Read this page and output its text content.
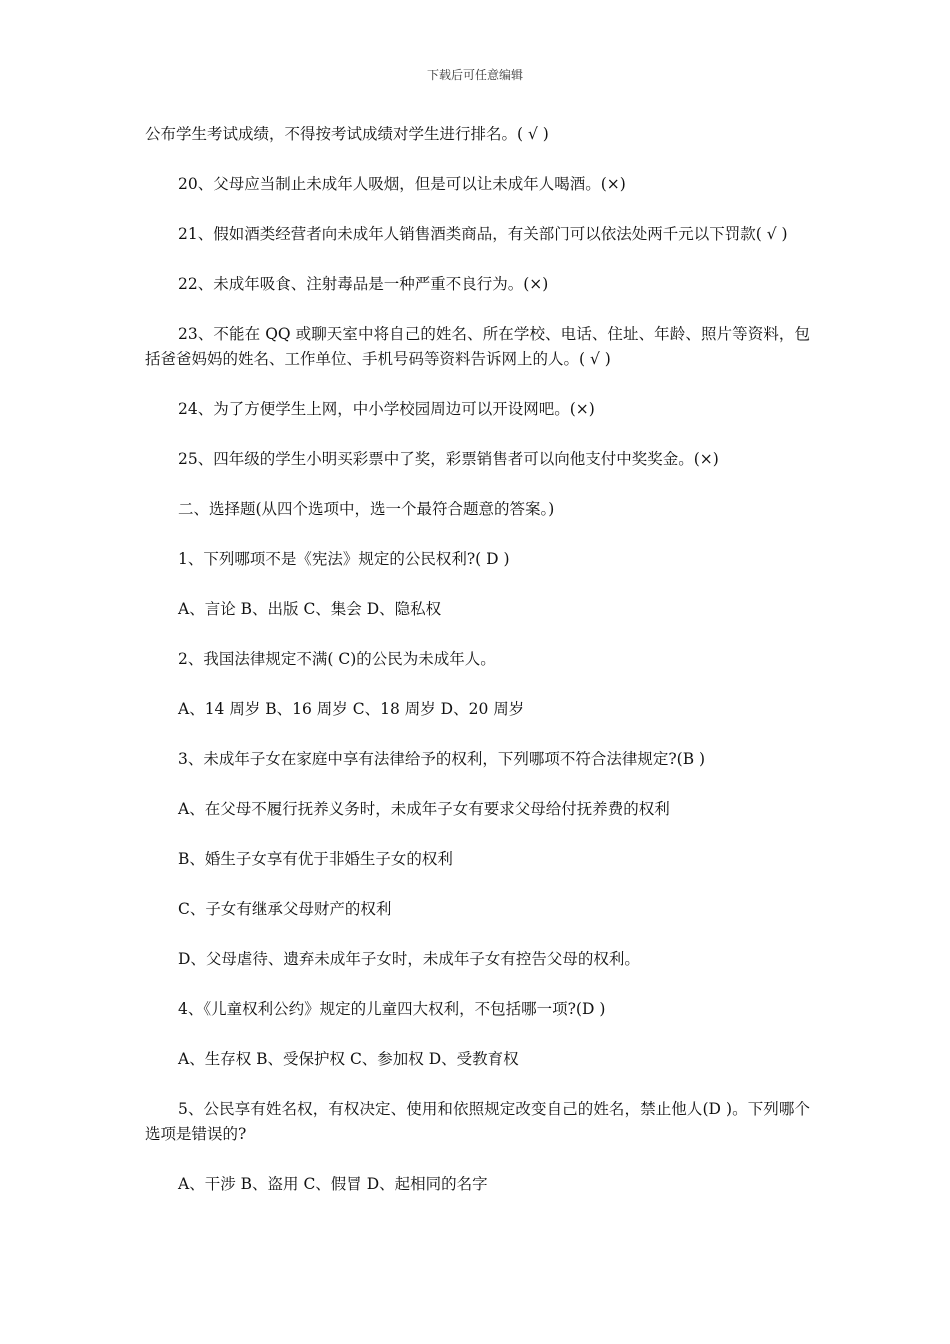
下载后可任意编辑

公布学生考试成绩，不得按考试成绩对学生进行排名。( √ )

20、父母应当制止未成年人吸烟，但是可以让未成年人喝酒。(×)

21、假如酒类经营者向未成年人销售酒类商品，有关部门可以依法处两千元以下罚款( √ )

22、未成年吸食、注射毒品是一种严重不良行为。(×)

23、不能在 QQ 或聊天室中将自己的姓名、所在学校、电话、住址、年龄、照片等资料，包括爸爸妈妈的姓名、工作单位、手机号码等资料告诉网上的人。( √ )

24、为了方便学生上网，中小学校园周边可以开设网吧。(×)

25、四年级的学生小明买彩票中了奖，彩票销售者可以向他支付中奖奖金。(×)

二、选择题(从四个选项中，选一个最符合题意的答案。)

1、下列哪项不是《宪法》规定的公民权利?( D )

A、言论 B、出版 C、集会 D、隐私权

2、我国法律规定不满( C)的公民为未成年人。

A、14 周岁 B、16 周岁 C、18 周岁 D、20 周岁

3、未成年子女在家庭中享有法律给予的权利，下列哪项不符合法律规定?(B )

A、在父母不履行抚养义务时，未成年子女有要求父母给付抚养费的权利

B、婚生子女享有优于非婚生子女的权利

C、子女有继承父母财产的权利

D、父母虐待、遗弃未成年子女时，未成年子女有控告父母的权利。

4、《儿童权利公约》规定的儿童四大权利，不包括哪一项?(D )

A、生存权 B、受保护权 C、参加权 D、受教育权

5、公民享有姓名权，有权决定、使用和依照规定改变自己的姓名，禁止他人(D )。下列哪个选项是错误的?

A、干涉 B、盗用 C、假冒 D、起相同的名字
